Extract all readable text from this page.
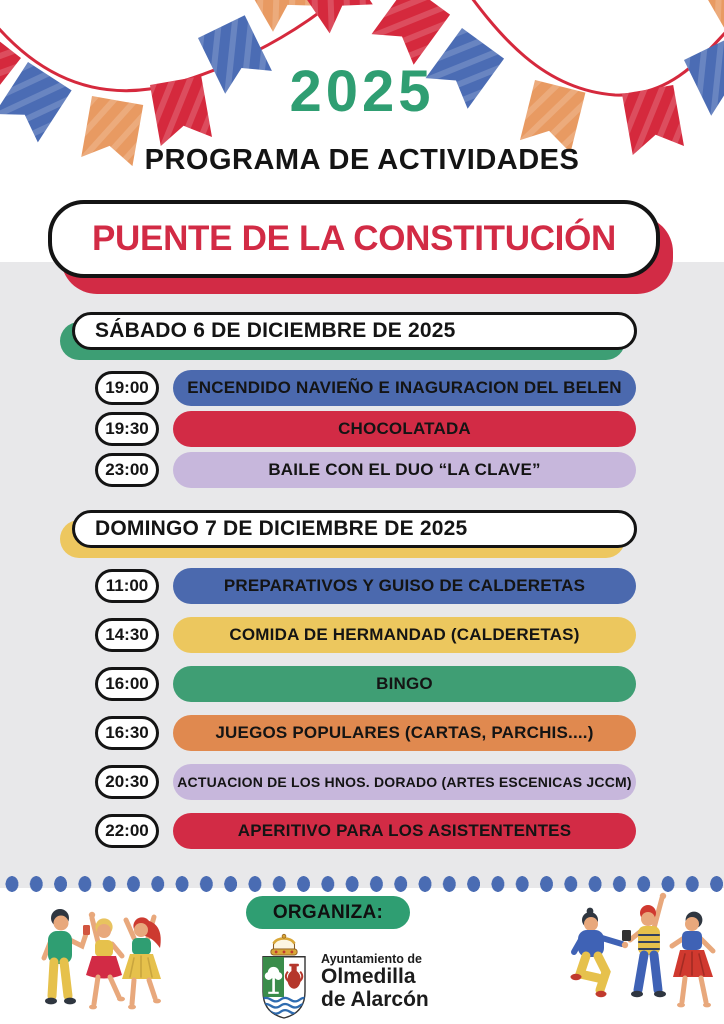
2025
PROGRAMA DE ACTIVIDADES
PUENTE DE LA CONSTITUCIÓN
SÁBADO 6 DE DICIEMBRE DE 2025
19:00	ENCENDIDO NAVIEÑO E INAGURACION DEL BELEN
19:30	CHOCOLATADA
23:00	BAILE CON EL DUO “LA CLAVE”
DOMINGO 7 DE DICIEMBRE DE 2025
11:00	PREPARATIVOS Y GUISO DE CALDERETAS
14:30	COMIDA DE HERMANDAD (CALDERETAS)
16:00	BINGO
16:30	JUEGOS POPULARES (CARTAS, PARCHIS....)
20:30	ACTUACION DE LOS HNOS. DORADO (ARTES ESCENICAS JCCM)
22:00	APERITIVO PARA LOS ASISTENTENTES
ORGANIZA:
Ayuntamiento de
Olmedilla
de Alarcón
